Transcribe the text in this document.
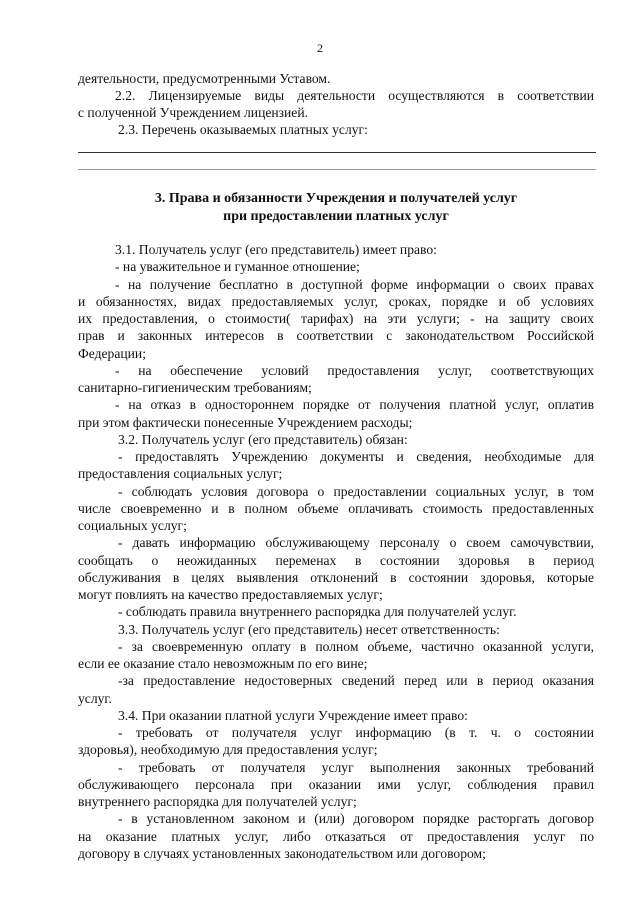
2
деятельности, предусмотренными Уставом.
2.2. Лицензируемые виды деятельности осуществляются в соответствии
с полученной Учреждением лицензией.
2.3. Перечень оказываемых платных услуг:
3. Права и обязанности Учреждения и получателей услуг
при предоставлении платных услуг
3.1. Получатель услуг (его представитель) имеет право:
- на уважительное и гуманное отношение;
- на получение бесплатно в доступной форме информации о своих правах
и обязанностях, видах предоставляемых услуг, сроках, порядке и об условиях
их предоставления, о стоимости( тарифах) на эти услуги; - на защиту своих
прав и законных интересов в соответствии с законодательством Российской
Федерации;
- на обеспечение условий предоставления услуг, соответствующих
санитарно-гигиеническим требованиям;
- на отказ в одностороннем порядке от получения платной услуг, оплатив
при этом фактически понесенные Учреждением расходы;
3.2. Получатель услуг (его представитель) обязан:
- предоставлять Учреждению документы и сведения, необходимые для
предоставления социальных услуг;
- соблюдать условия договора о предоставлении социальных услуг, в том
числе своевременно и в полном объеме оплачивать стоимость предоставленных
социальных услуг;
- давать информацию обслуживающему персоналу о своем самочувствии,
сообщать о неожиданных переменах в состоянии здоровья в период
обслуживания в целях выявления отклонений в состоянии здоровья, которые
могут повлиять на качество предоставляемых услуг;
- соблюдать правила внутреннего распорядка для получателей услуг.
3.3. Получатель услуг (его представитель) несет ответственность:
- за своевременную оплату в полном объеме, частично оказанной услуги,
если ее оказание стало невозможным по его вине;
-за предоставление недостоверных сведений перед или в период оказания
услуг.
3.4. При оказании платной услуги Учреждение имеет право:
- требовать от получателя услуг информацию (в т. ч. о состоянии
здоровья), необходимую для предоставления услуг;
- требовать от получателя услуг выполнения законных требований
обслуживающего персонала при оказании ими услуг, соблюдения правил
внутреннего распорядка для получателей услуг;
- в установленном законом и (или) договором порядке расторгать договор
на оказание платных услуг, либо отказаться от предоставления услуг по
договору в случаях установленных законодательством или договором;
